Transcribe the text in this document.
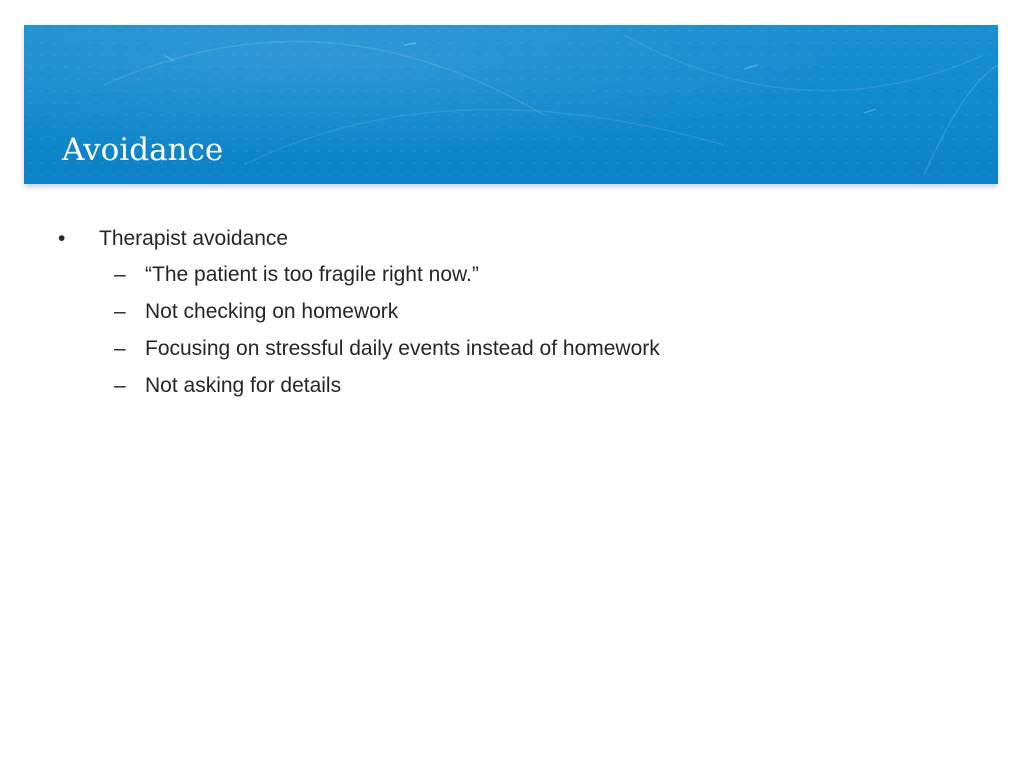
Avoidance
•	Therapist avoidance
– “The patient is too fragile right now.”
– Not checking on homework
– Focusing on stressful daily events instead of homework
– Not asking for details
